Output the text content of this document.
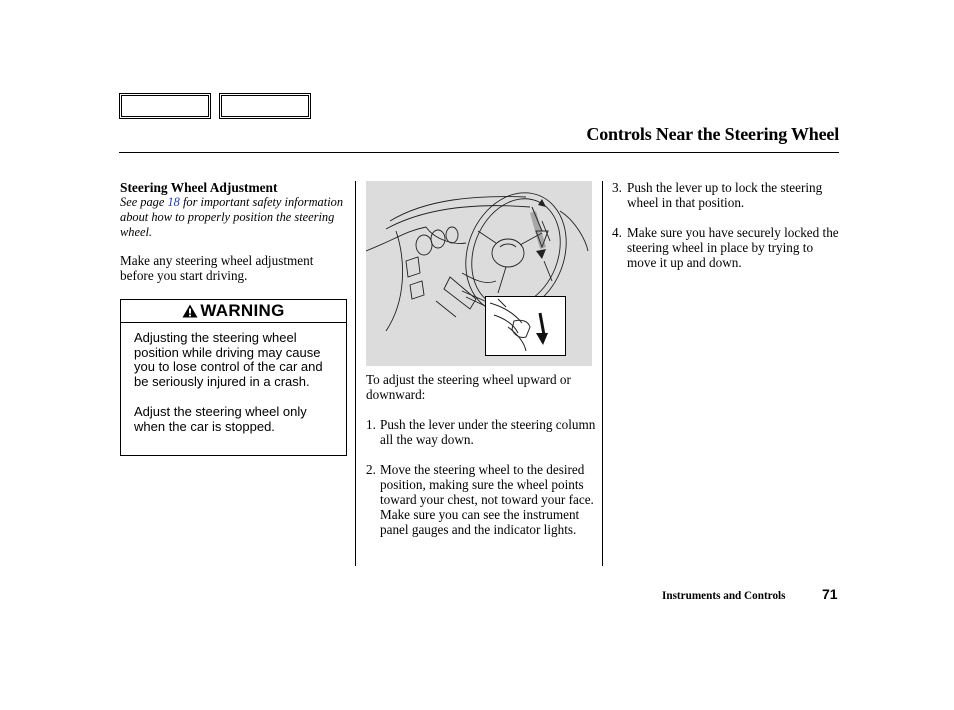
Controls Near the Steering Wheel

Steering Wheel Adjustment

See page 18 for important safety information about how to properly position the steering wheel.

Make any steering wheel adjustment before you start driving.

WARNING

Adjusting the steering wheel position while driving may cause you to lose control of the car and be seriously injured in a crash.

Adjust the steering wheel only when the car is stopped.

To adjust the steering wheel upward or downward:

1. Push the lever under the steering column all the way down.
2. Move the steering wheel to the desired position, making sure the wheel points toward your chest, not toward your face. Make sure you can see the instrument panel gauges and the indicator lights.
3. Push the lever up to lock the steering wheel in that position.
4. Make sure you have securely locked the steering wheel in place by trying to move it up and down.
Instruments and Controls	71
